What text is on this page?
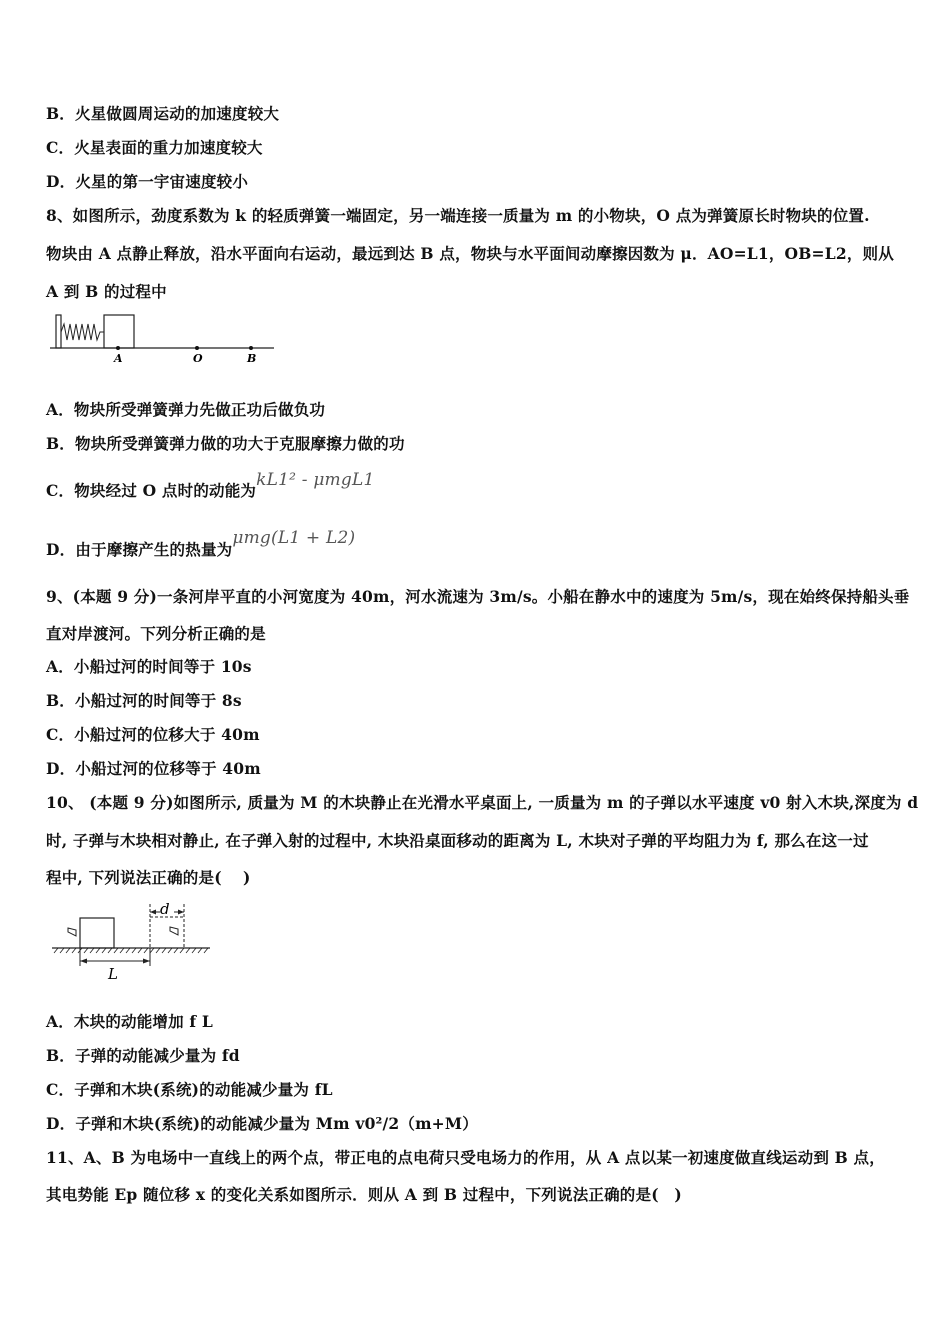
B．火星做圆周运动的加速度较大
C．火星表面的重力加速度较大
D．火星的第一宇宙速度较小
8、如图所示，劲度系数为 k 的轻质弹簧一端固定，另一端连接一质量为 m 的小物块，O 点为弹簧原长时物块的位置.
物块由 A 点静止释放，沿水平面向右运动，最远到达 B 点，物块与水平面间动摩擦因数为 μ．AO=L1，OB=L2，则从
A 到 B 的过程中
A	O	B
A．物块所受弹簧弹力先做正功后做负功
B．物块所受弹簧弹力做的功大于克服摩擦力做的功
C．物块经过 O 点时的动能为kL1² - μmgL1
D．由于摩擦产生的热量为μmg(L1 + L2)
9、(本题 9 分)一条河岸平直的小河宽度为 40m，河水流速为 3m/s。小船在静水中的速度为 5m/s，现在始终保持船头垂
直对岸渡河。下列分析正确的是
A．小船过河的时间等于 10s
B．小船过河的时间等于 8s
C．小船过河的位移大于 40m
D．小船过河的位移等于 40m
10、 (本题 9 分)如图所示, 质量为 M 的木块静止在光滑水平桌面上, 一质量为 m 的子弹以水平速度 v0 射入木块,深度为 d
时, 子弹与木块相对静止, 在子弹入射的过程中, 木块沿桌面移动的距离为 L, 木块对子弹的平均阻力为 f, 那么在这一过
程中, 下列说法正确的是(　 )
d
L
A．木块的动能增加 f L
B．子弹的动能减少量为 fd
C．子弹和木块(系统)的动能减少量为 fL
D．子弹和木块(系统)的动能减少量为 Mm v0²/2（m+M）
11、A、B 为电场中一直线上的两个点，带正电的点电荷只受电场力的作用，从 A 点以某一初速度做直线运动到 B 点，
其电势能 Ep 随位移 x 的变化关系如图所示．则从 A 到 B 过程中，下列说法正确的是(　)
